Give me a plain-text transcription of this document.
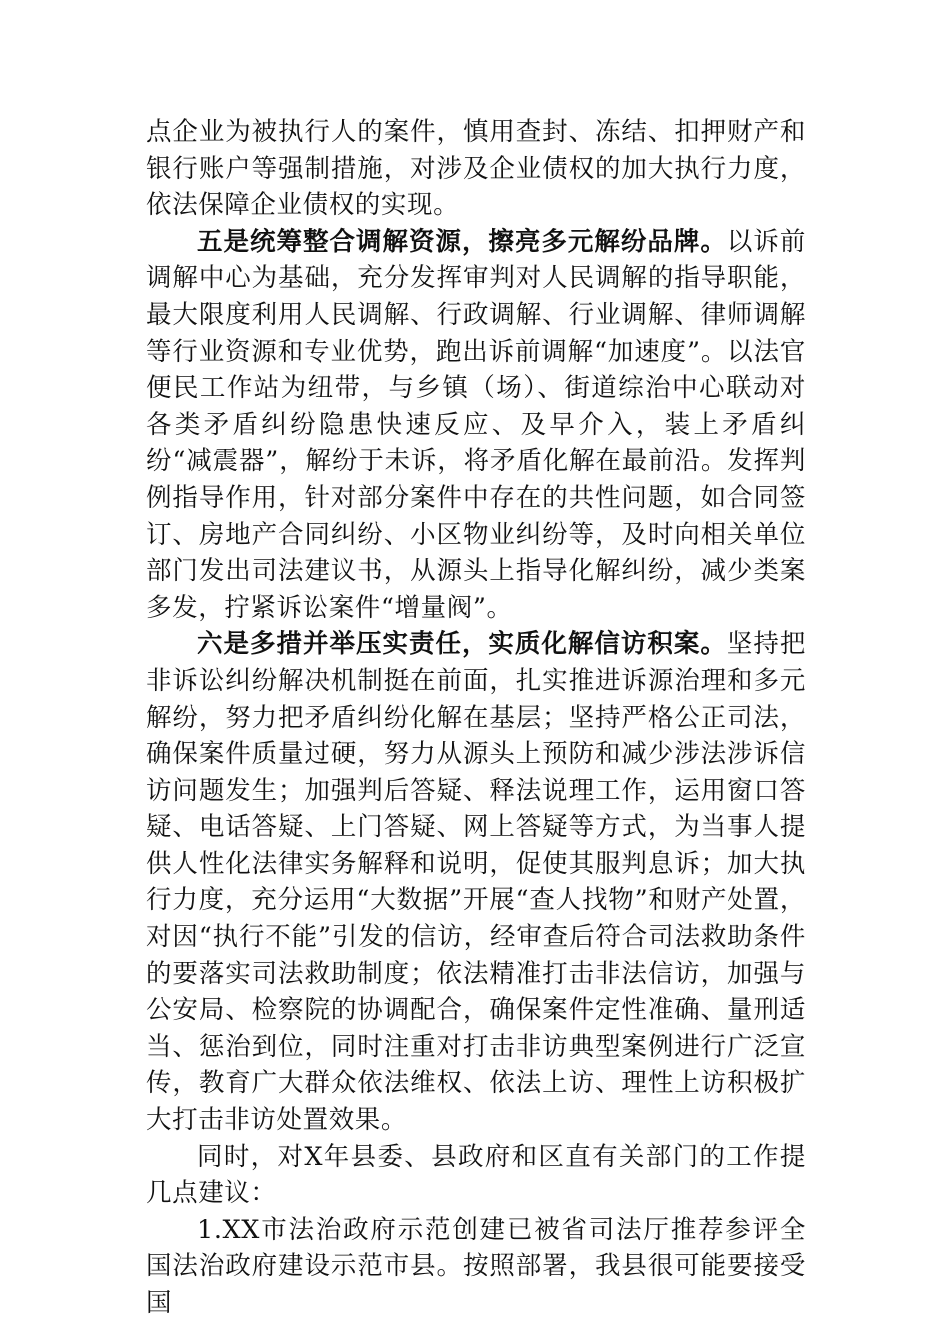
点企业为被执行人的案件，慎用查封、冻结、扣押财产和银行账户等强制措施，对涉及企业债权的加大执行力度，依法保障企业债权的实现。

五是统筹整合调解资源，擦亮多元解纷品牌。以诉前调解中心为基础，充分发挥审判对人民调解的指导职能，最大限度利用人民调解、行政调解、行业调解、律师调解等行业资源和专业优势，跑出诉前调解“加速度”。以法官便民工作站为纽带，与乡镇（场）、街道综治中心联动对各类矛盾纠纷隐患快速反应、及早介入，装上矛盾纠纷“减震器”，解纷于未诉，将矛盾化解在最前沿。发挥判例指导作用，针对部分案件中存在的共性问题，如合同签订、房地产合同纠纷、小区物业纠纷等，及时向相关单位部门发出司法建议书，从源头上指导化解纠纷，减少类案多发，拧紧诉讼案件“增量阀”。

六是多措并举压实责任，实质化解信访积案。坚持把非诉讼纠纷解决机制挺在前面，扎实推进诉源治理和多元解纷，努力把矛盾纠纷化解在基层；坚持严格公正司法，确保案件质量过硬，努力从源头上预防和减少涉法涉诉信访问题发生；加强判后答疑、释法说理工作，运用窗口答疑、电话答疑、上门答疑、网上答疑等方式，为当事人提供人性化法律实务解释和说明，促使其服判息诉；加大执行力度，充分运用“大数据”开展“查人找物”和财产处置，对因“执行不能”引发的信访，经审查后符合司法救助条件的要落实司法救助制度；依法精准打击非法信访，加强与公安局、检察院的协调配合，确保案件定性准确、量刑适当、惩治到位，同时注重对打击非访典型案例进行广泛宣传，教育广大群众依法维权、依法上访、理性上访积极扩大打击非访处置效果。

同时，对X年县委、县政府和区直有关部门的工作提几点建议：

1.XX市法治政府示范创建已被省司法厅推荐参评全国法治政府建设示范市县。按照部署，我县很可能要接受国
